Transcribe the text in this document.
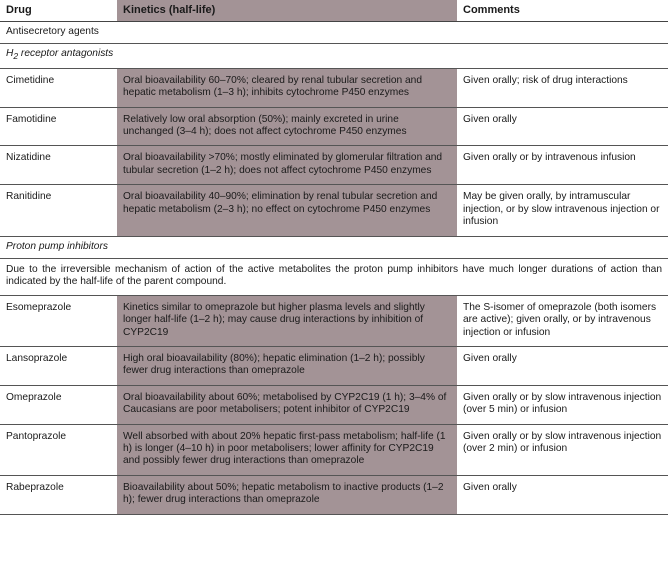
Drug	Kinetics (half-life)	Comments
Antisecretory agents		
$H_2$ receptor antagonists		
Cimetidine	Oral bioavailability 60–70%; cleared by renal tubular secretion and hepatic metabolism (1–3 h); inhibits cytochrome P450 enzymes	Given orally; risk of drug interactions
Famotidine	Relatively low oral absorption (50%); mainly excreted in urine unchanged (3–4 h); does not affect cytochrome P450 enzymes	Given orally
Nizatidine	Oral bioavailability >70%; mostly eliminated by glomerular filtration and tubular secretion (1–2 h); does not affect cytochrome P450 enzymes	Given orally or by intravenous infusion
Ranitidine	Oral bioavailability 40–90%; elimination by renal tubular secretion and hepatic metabolism (2–3 h); no effect on cytochrome P450 enzymes	May be given orally, by intramuscular injection, or by slow intravenous injection or infusion
Proton pump inhibitors		
Due to the irreversible mechanism of action of the active metabolites the proton pump inhibitors have much longer durations of action than indicated by the half-life of the parent compound.		
Esomeprazole	Kinetics similar to omeprazole but higher plasma levels and slightly longer half-life (1–2 h); may cause drug interactions by inhibition of CYP2C19	The S-isomer of omeprazole (both isomers are active); given orally, or by intravenous injection or infusion
Lansoprazole	High oral bioavailability (80%); hepatic elimination (1–2 h); possibly fewer drug interactions than omeprazole	Given orally
Omeprazole	Oral bioavailability about 60%; metabolised by CYP2C19 (1 h); 3–4% of Caucasians are poor metabolisers; potent inhibitor of CYP2C19	Given orally or by slow intravenous injection (over 5 min) or infusion
Pantoprazole	Well absorbed with about 20% hepatic first-pass metabolism; half-life (1 h) is longer (4–10 h) in poor metabolisers; lower affinity for CYP2C19 and possibly fewer drug interactions than omeprazole	Given orally or by slow intravenous injection (over 2 min) or infusion
Rabeprazole	Bioavailability about 50%; hepatic metabolism to inactive products (1–2 h); fewer drug interactions than omeprazole	Given orally
